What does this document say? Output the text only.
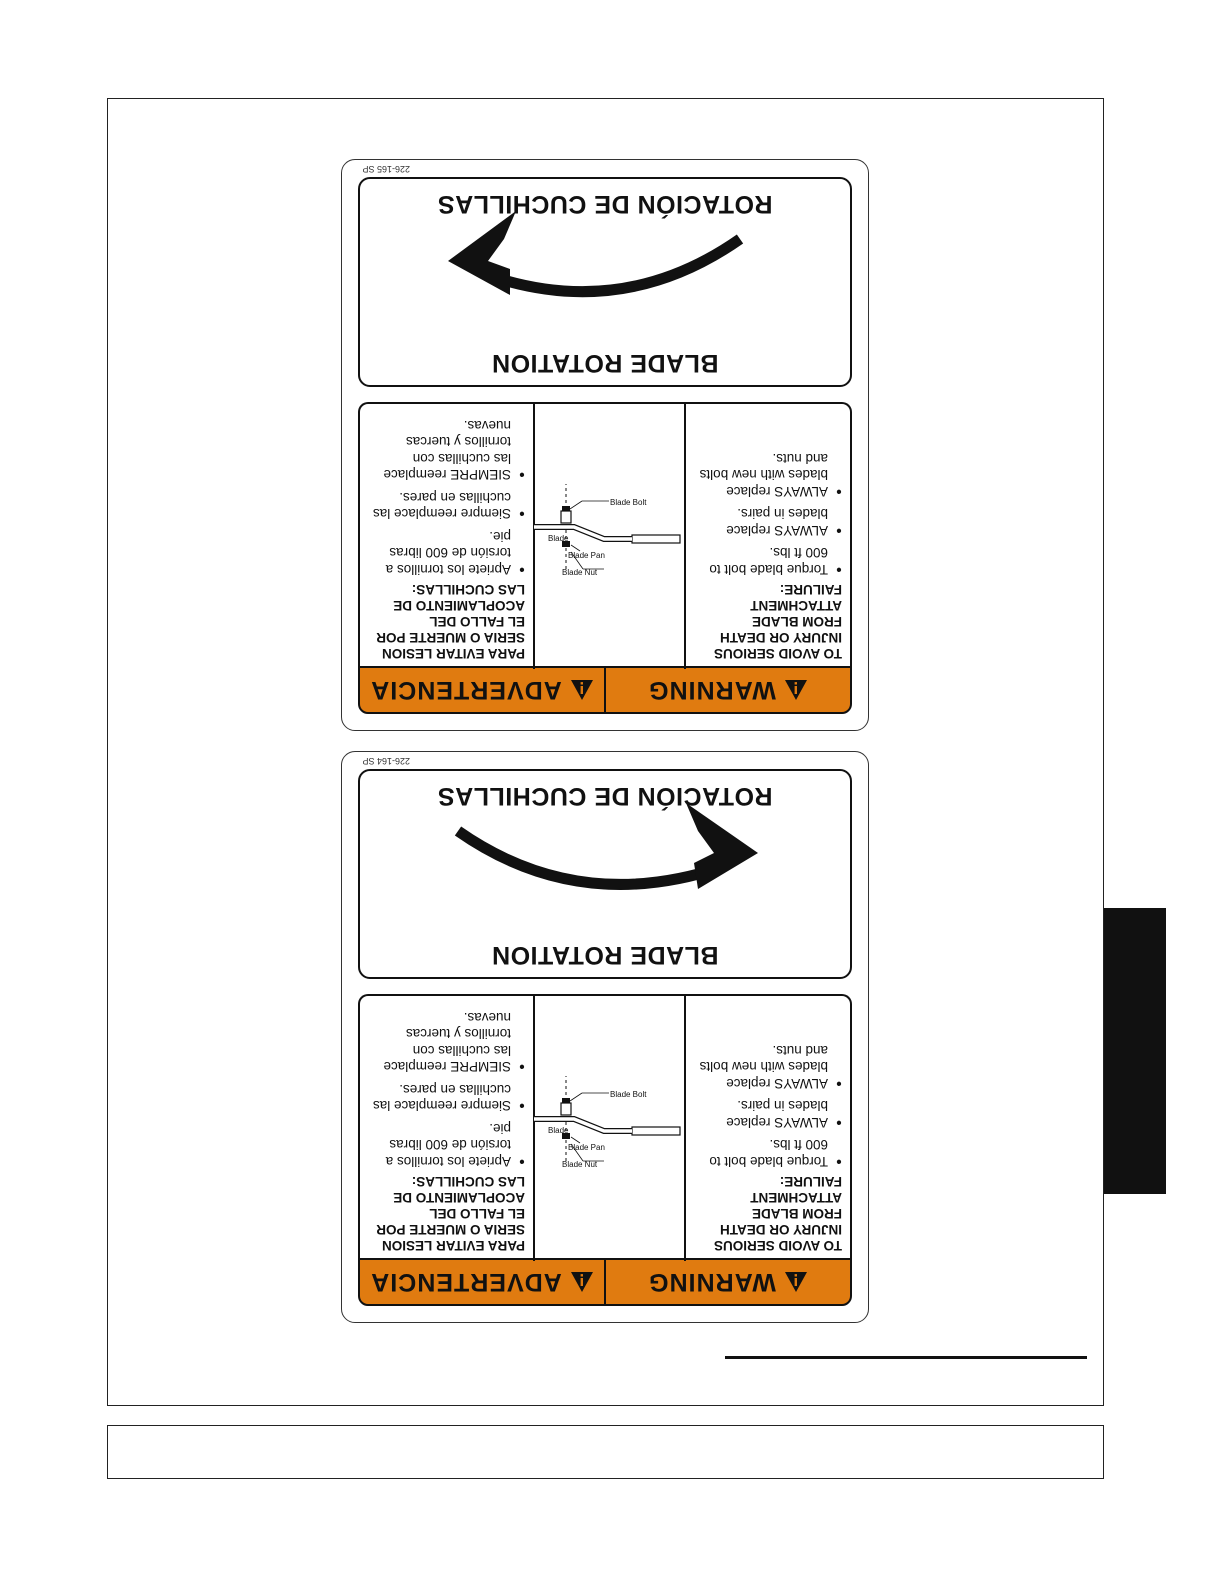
WARNING
ADVERTENCIA
TO AVOID SERIOUS INJURY OR DEATH FROM BLADE ATTACHMENT FAILURE:
● Torque blade bolt to 600 ft lbs.
● ALWAYS replace blades in pairs.
● ALWAYS replace blades with new bolts and nuts.
Blade Nut
Blade Pan
Blade
Blade Bolt
PARA EVITAR LESION SERIA O MUERTE POR EL FALLO DEL ACOPLAMIENTO DE LAS CUCHILLAS:
● Apriete los tornillos a torsión de 600 libras pie.
● Siempre reemplace las cuchillas en pares.
● SIEMPRE reemplace las cuchillas con tornillos y tuercas nuevas.
BLADE ROTATION
ROTACIÓN DE CUCHILLAS
226-165 SP
WARNING
ADVERTENCIA
TO AVOID SERIOUS INJURY OR DEATH FROM BLADE ATTACHMENT FAILURE:
● Torque blade bolt to 600 ft lbs.
● ALWAYS replace blades in pairs.
● ALWAYS replace blades with new bolts and nuts.
Blade Nut
Blade Pan
Blade
Blade Bolt
PARA EVITAR LESION SERIA O MUERTE POR EL FALLO DEL ACOPLAMIENTO DE LAS CUCHILLAS:
● Apriete los tornillos a torsión de 600 libras pie.
● Siempre reemplace las cuchillas en pares.
● SIEMPRE reemplace las cuchillas con tornillos y tuercas nuevas.
BLADE ROTATION
ROTACIÓN DE CUCHILLAS
226-164 SP
